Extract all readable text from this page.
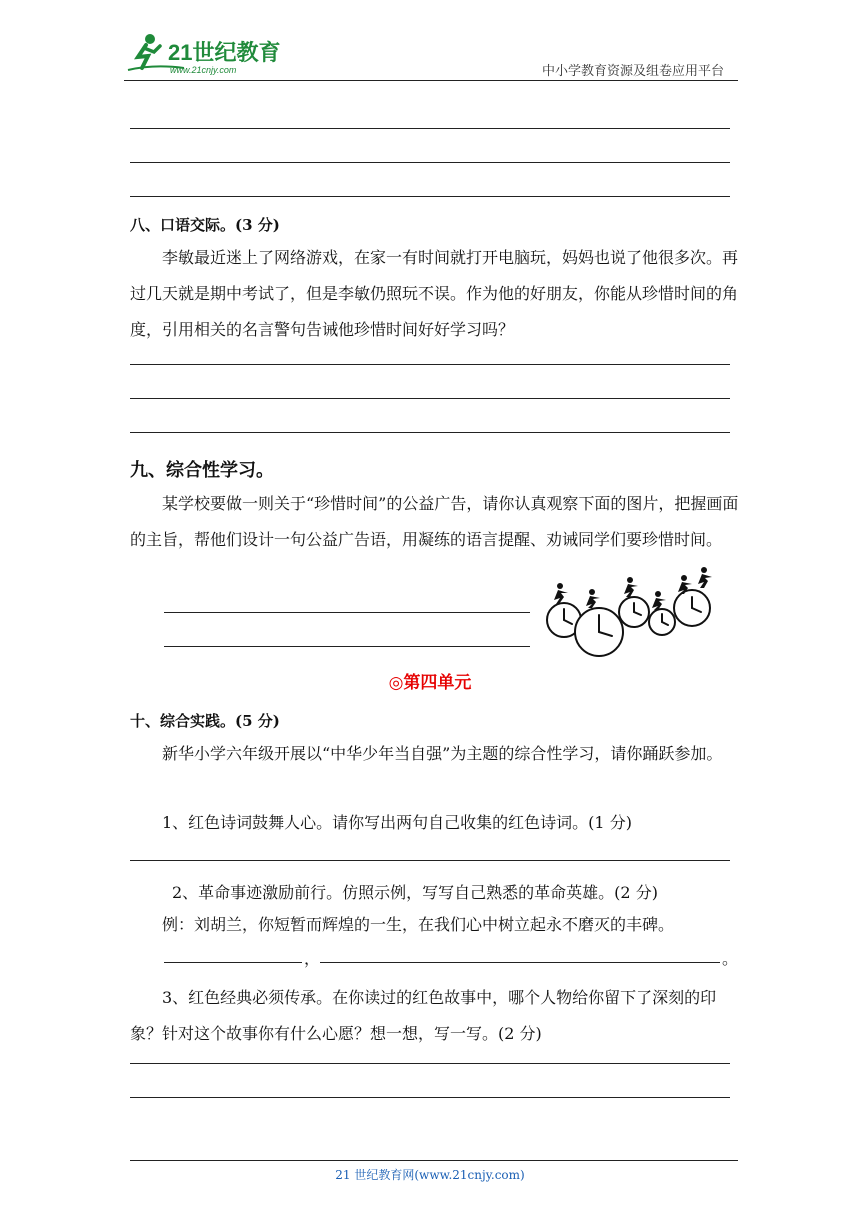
21世纪教育
www.21cnjy.com	中小学教育资源及组卷应用平台
八、口语交际。(3 分)
李敏最近迷上了网络游戏，在家一有时间就打开电脑玩，妈妈也说了他很多次。再过几天就是期中考试了，但是李敏仍照玩不误。作为他的好朋友，你能从珍惜时间的角度，引用相关的名言警句告诫他珍惜时间好好学习吗？
九、综合性学习。
某学校要做一则关于“珍惜时间”的公益广告，请你认真观察下面的图片，把握画面的主旨，帮他们设计一句公益广告语，用凝练的语言提醒、劝诫同学们要珍惜时间。
◎第四单元
十、综合实践。(5 分)
新华小学六年级开展以“中华少年当自强”为主题的综合性学习，请你踊跃参加。
1、红色诗词鼓舞人心。请你写出两句自己收集的红色诗词。(1 分)
2、革命事迹激励前行。仿照示例，写写自己熟悉的革命英雄。(2 分)
例：刘胡兰，你短暂而辉煌的一生，在我们心中树立起永不磨灭的丰碑。
，	。
3、红色经典必须传承。在你读过的红色故事中，哪个人物给你留下了深刻的印象？针对这个故事你有什么心愿？想一想，写一写。(2 分)
21 世纪教育网(www.21cnjy.com)
